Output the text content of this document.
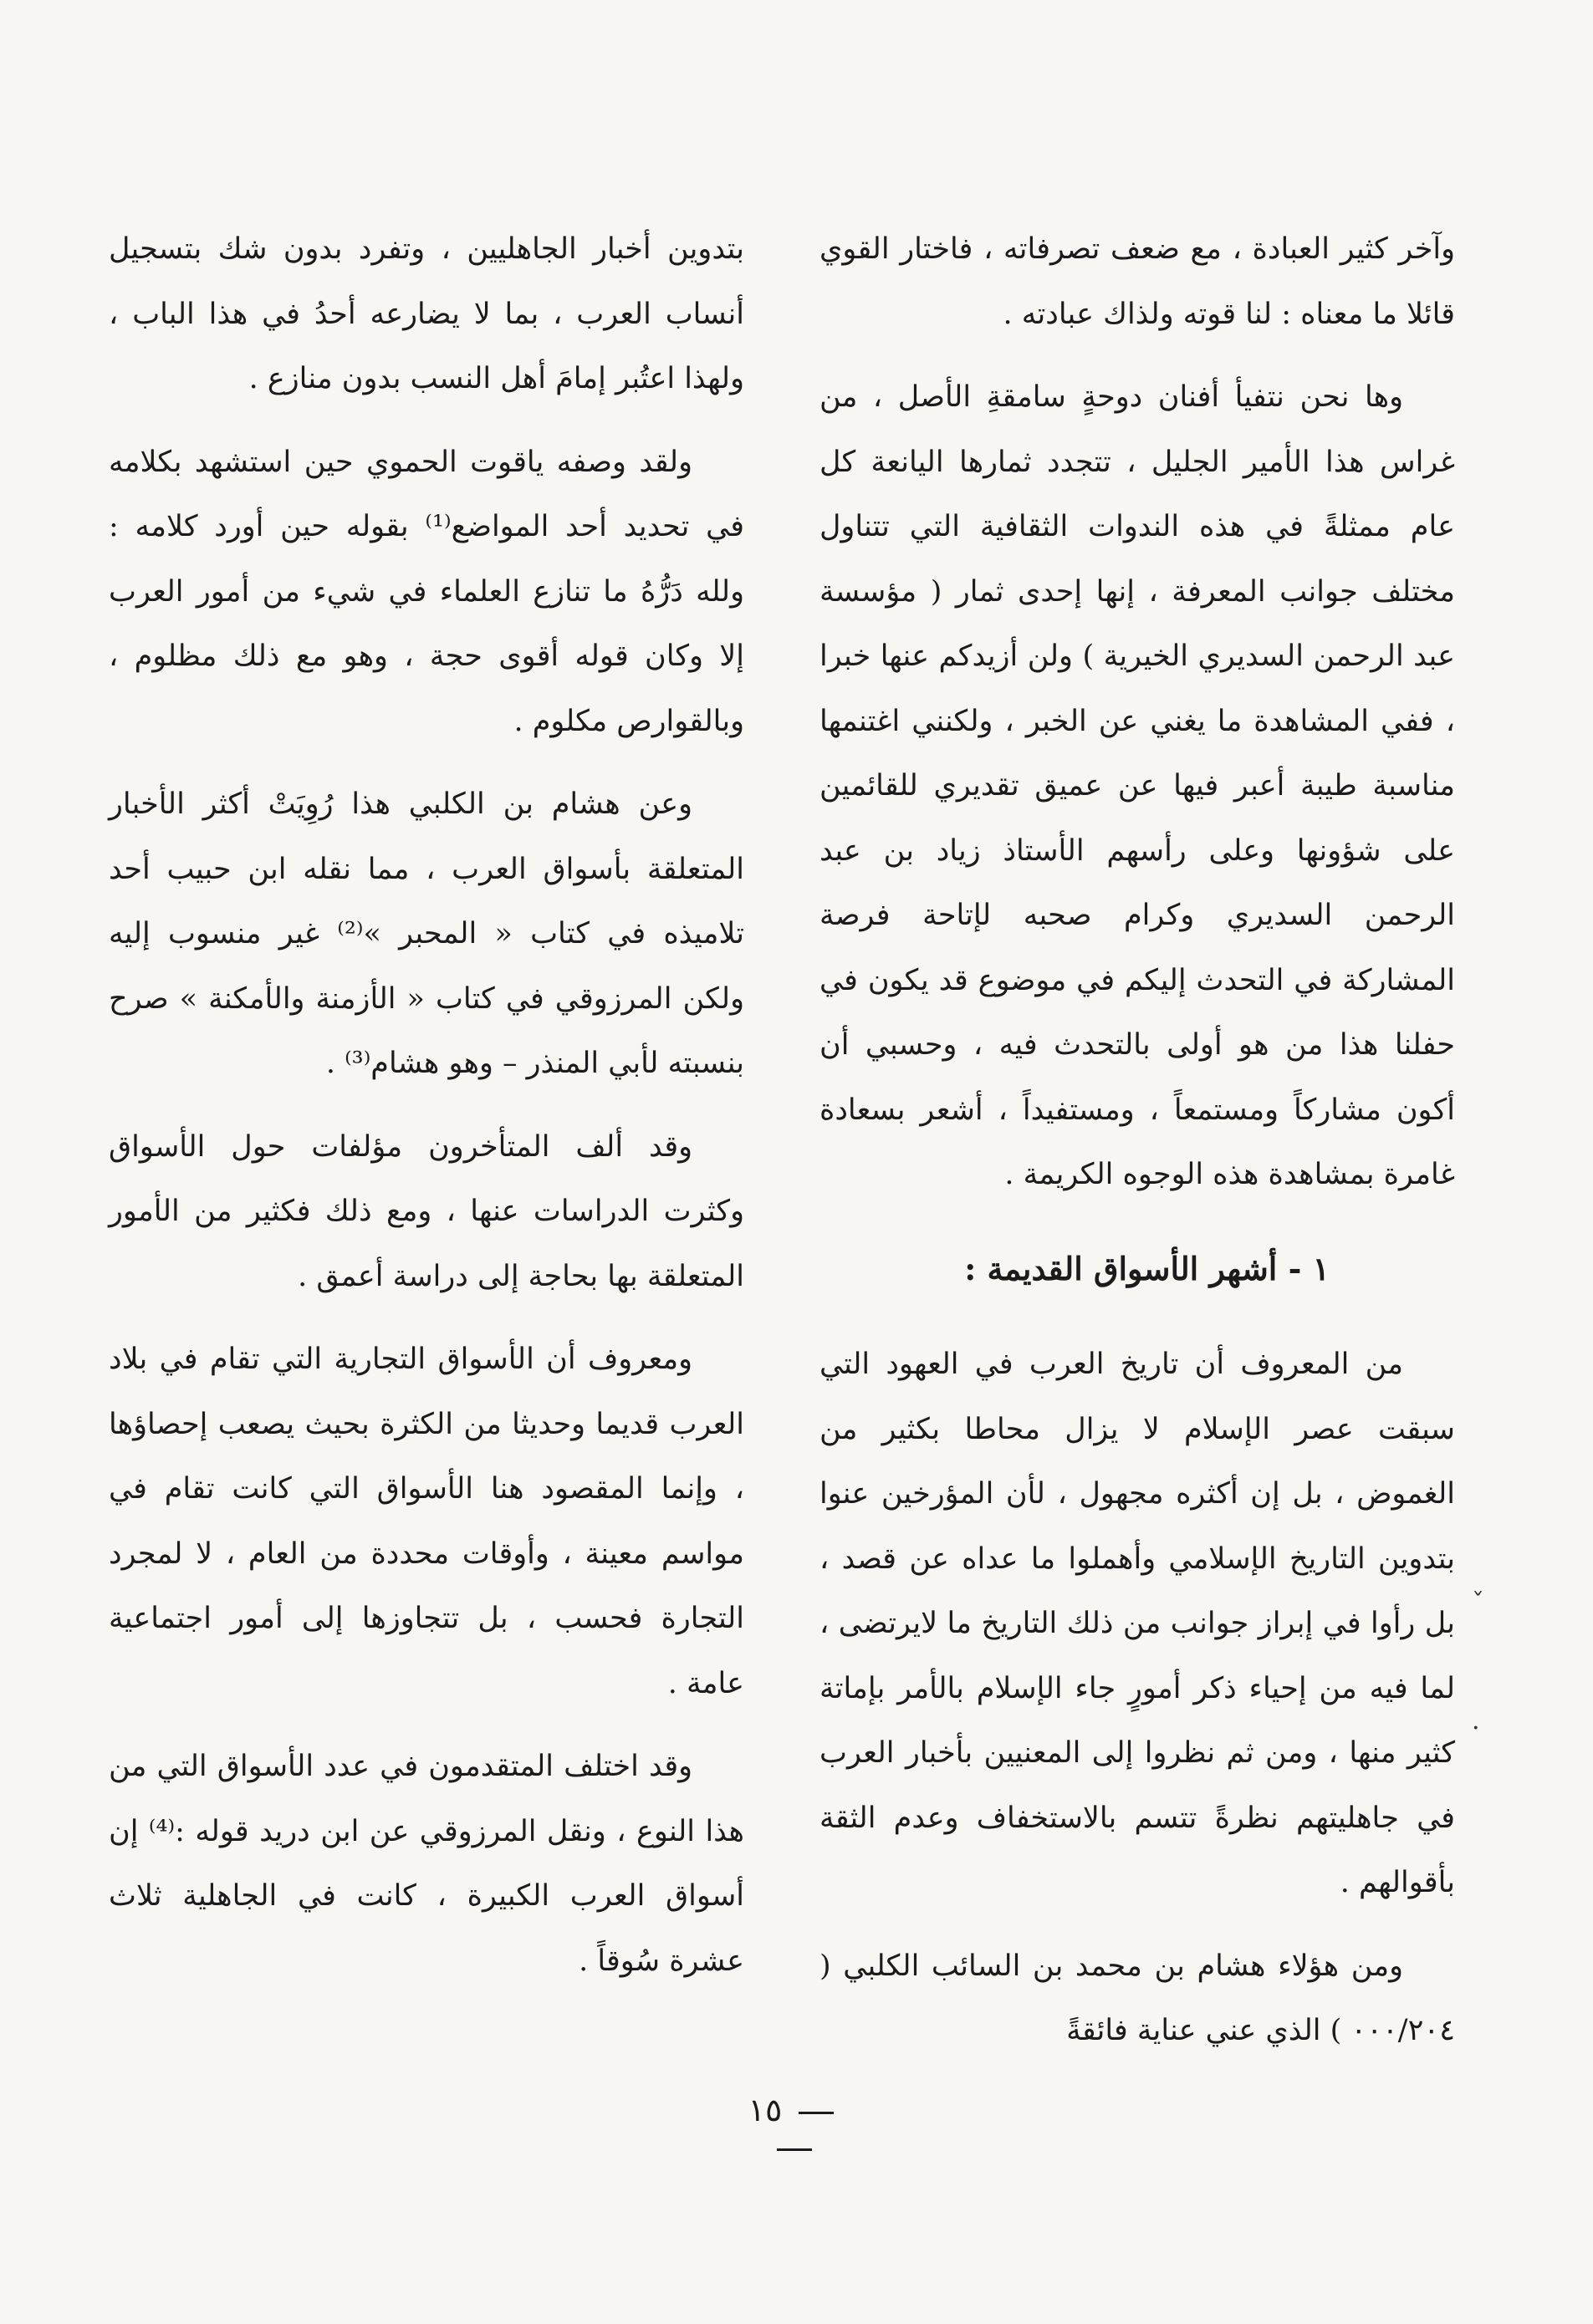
وآخر كثير العبادة ، مع ضعف تصرفاته ، فاختار القوي قائلا ما معناه : لنا قوته ولذاك عبادته .

وها نحن نتفيأ أفنان دوحةٍ سامقةِ الأصل ، من غراس هذا الأمير الجليل ، تتجدد ثمارها اليانعة كل عام ممثلةً في هذه الندوات الثقافية التي تتناول مختلف جوانب المعرفة ، إنها إحدى ثمار ( مؤسسة عبد الرحمن السديري الخيرية ) ولن أزيدكم عنها خبرا ، ففي المشاهدة ما يغني عن الخبر ، ولكنني اغتنمها مناسبة طيبة أعبر فيها عن عميق تقديري للقائمين على شؤونها وعلى رأسهم الأستاذ زياد بن عبد الرحمن السديري وكرام صحبه لإتاحة فرصة المشاركة في التحدث إليكم في موضوع قد يكون في حفلنا هذا من هو أولى بالتحدث فيه ، وحسبي أن أكون مشاركاً ومستمعاً ، ومستفيداً ، أشعر بسعادة غامرة بمشاهدة هذه الوجوه الكريمة .

١ - أشهر الأسواق القديمة :

من المعروف أن تاريخ العرب في العهود التي سبقت عصر الإسلام لا يزال محاطا بكثير من الغموض ، بل إن أكثره مجهول ، لأن المؤرخين عنوا بتدوين التاريخ الإسلامي وأهملوا ما عداه عن قصد ، بل رأوا في إبراز جوانب من ذلك التاريخ ما لايرتضى ، لما فيه من إحياء ذكر أمورٍ جاء الإسلام بالأمر بإماتة كثير منها ، ومن ثم نظروا إلى المعنيين بأخبار العرب في جاهليتهم نظرةً تتسم بالاستخفاف وعدم الثقة بأقوالهم .

ومن هؤلاء هشام بن محمد بن السائب الكلبي ( ٠٠٠/٢٠٤ ) الذي عني عناية فائقةً

بتدوين أخبار الجاهليين ، وتفرد بدون شك بتسجيل أنساب العرب ، بما لا يضارعه أحدُ في هذا الباب ، ولهذا اعتُبر إمامَ أهل النسب بدون منازع .

ولقد وصفه ياقوت الحموي حين استشهد بكلامه في تحديد أحد المواضع⁽¹⁾ بقوله حين أورد كلامه : ولله دَرُّهُ ما تنازع العلماء في شيء من أمور العرب إلا وكان قوله أقوى حجة ، وهو مع ذلك مظلوم ، وبالقوارص مكلوم .

وعن هشام بن الكلبي هذا رُوِيَتْ أكثر الأخبار المتعلقة بأسواق العرب ، مما نقله ابن حبيب أحد تلاميذه في كتاب « المحبر »⁽²⁾ غير منسوب إليه ولكن المرزوقي في كتاب « الأزمنة والأمكنة » صرح بنسبته لأبي المنذر – وهو هشام⁽³⁾ .

وقد ألف المتأخرون مؤلفات حول الأسواق وكثرت الدراسات عنها ، ومع ذلك فكثير من الأمور المتعلقة بها بحاجة إلى دراسة أعمق .

ومعروف أن الأسواق التجارية التي تقام في بلاد العرب قديما وحديثا من الكثرة بحيث يصعب إحصاؤها ، وإنما المقصود هنا الأسواق التي كانت تقام في مواسم معينة ، وأوقات محددة من العام ، لا لمجرد التجارة فحسب ، بل تتجاوزها إلى أمور اجتماعية عامة .

وقد اختلف المتقدمون في عدد الأسواق التي من هذا النوع ، ونقل المرزوقي عن ابن دريد قوله :⁽⁴⁾ إن أسواق العرب الكبيرة ، كانت في الجاهلية ثلاث عشرة سُوقاً .

١٥
ˇ
·
